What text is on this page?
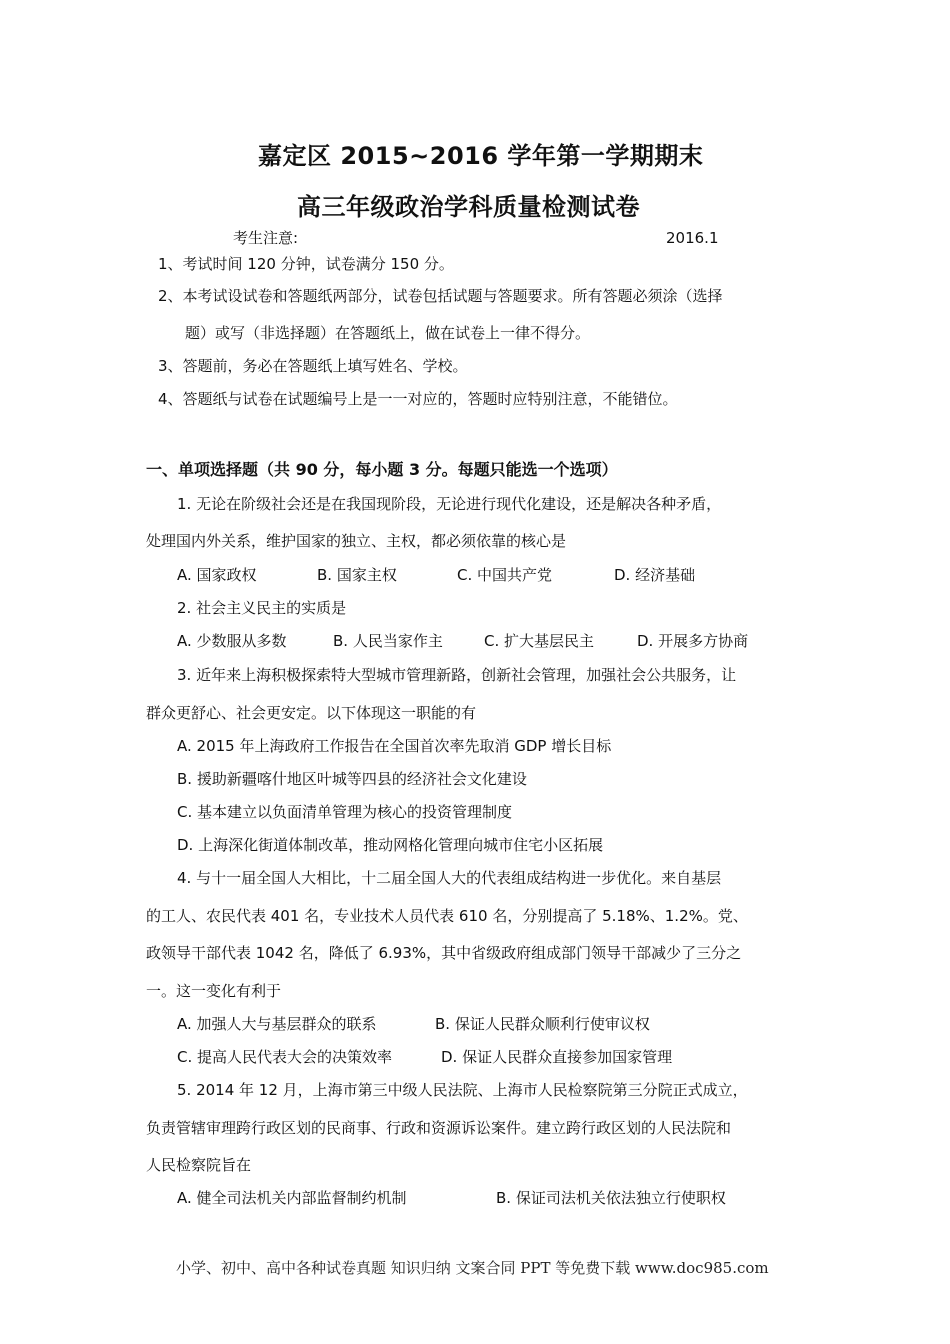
嘉定区 2015~2016 学年第一学期期末
高三年级政治学科质量检测试卷
考生注意:	2016.1
1、考试时间 120 分钟，试卷满分 150 分。
2、本考试设试卷和答题纸两部分，试卷包括试题与答题要求。所有答题必须涂（选择
题）或写（非选择题）在答题纸上，做在试卷上一律不得分。
3、答题前，务必在答题纸上填写姓名、学校。
4、答题纸与试卷在试题编号上是一一对应的，答题时应特别注意，不能错位。
一、单项选择题（共 90 分，每小题 3 分。每题只能选一个选项）
1. 无论在阶级社会还是在我国现阶段，无论进行现代化建设，还是解决各种矛盾，
处理国内外关系，维护国家的独立、主权，都必须依靠的核心是
A. 国家政权	B. 国家主权	C. 中国共产党	D. 经济基础
2. 社会主义民主的实质是
A. 少数服从多数	B. 人民当家作主	C. 扩大基层民主	D. 开展多方协商
3. 近年来上海积极探索特大型城市管理新路，创新社会管理，加强社会公共服务，让
群众更舒心、社会更安定。以下体现这一职能的有
A. 2015 年上海政府工作报告在全国首次率先取消 GDP 增长目标
B. 援助新疆喀什地区叶城等四县的经济社会文化建设
C. 基本建立以负面清单管理为核心的投资管理制度
D. 上海深化街道体制改革，推动网格化管理向城市住宅小区拓展
4. 与十一届全国人大相比，十二届全国人大的代表组成结构进一步优化。来自基层
的工人、农民代表 401 名，专业技术人员代表 610 名，分别提高了 5.18%、1.2%。党、
政领导干部代表 1042 名，降低了 6.93%，其中省级政府组成部门领导干部减少了三分之
一。这一变化有利于
A. 加强人大与基层群众的联系	B. 保证人民群众顺利行使审议权
C. 提高人民代表大会的决策效率	D. 保证人民群众直接参加国家管理
5. 2014 年 12 月，上海市第三中级人民法院、上海市人民检察院第三分院正式成立，
负责管辖审理跨行政区划的民商事、行政和资源诉讼案件。建立跨行政区划的人民法院和
人民检察院旨在
A. 健全司法机关内部监督制约机制	B. 保证司法机关依法独立行使职权
小学、初中、高中各种试卷真题 知识归纳 文案合同 PPT 等免费下载 www.doc985.com
